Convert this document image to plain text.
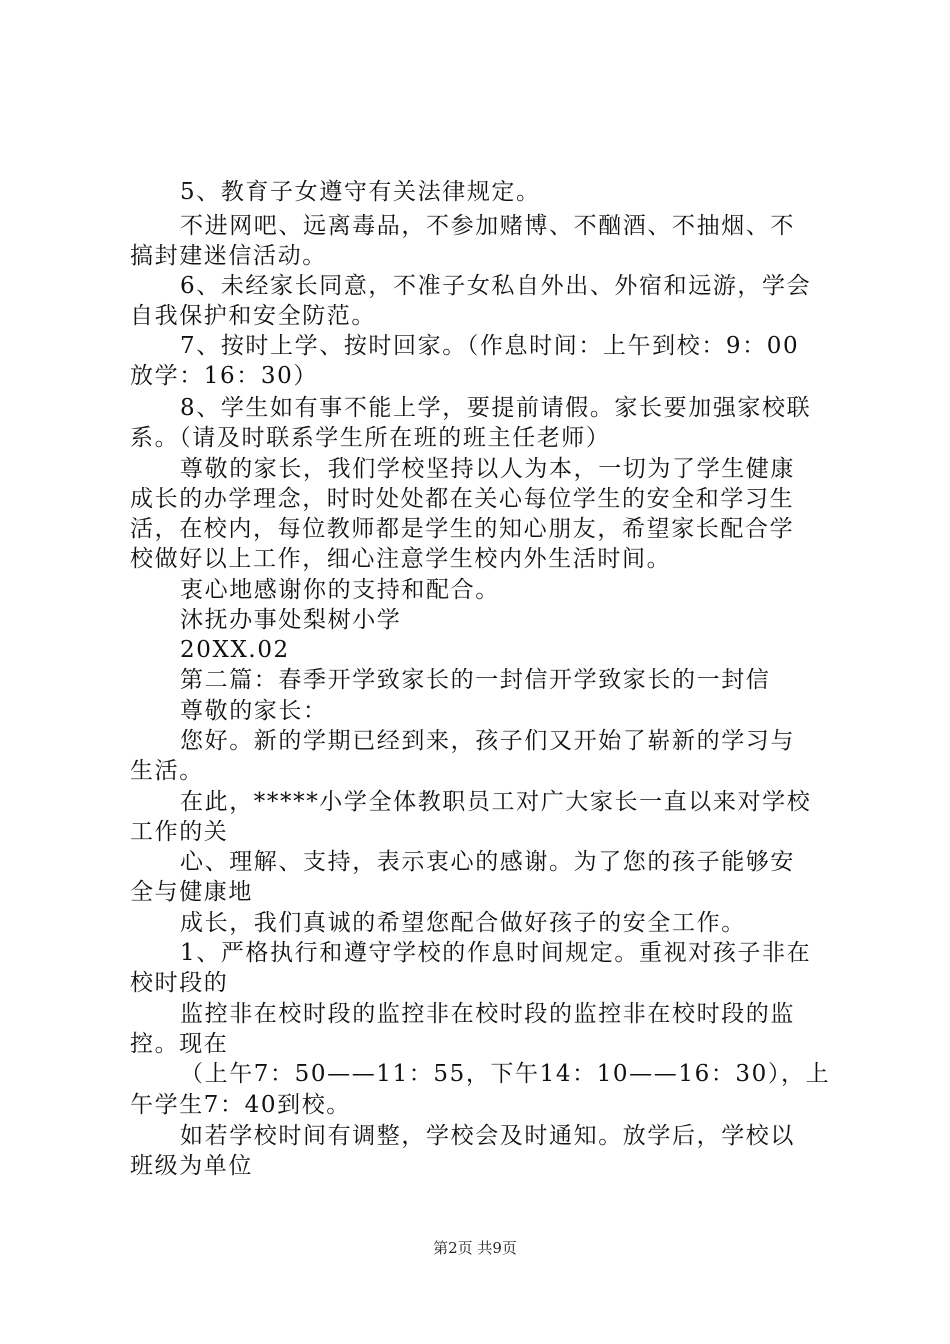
5、教育子女遵守有关法律规定。
不进网吧、远离毒品，不参加赌博、不酗酒、不抽烟、不
搞封建迷信活动。
6、未经家长同意，不准子女私自外出、外宿和远游，学会
自我保护和安全防范。
7、按时上学、按时回家。（作息时间：上午到校：9：00
放学：16：30）
8、学生如有事不能上学，要提前请假。家长要加强家校联
系。（请及时联系学生所在班的班主任老师）
尊敬的家长，我们学校坚持以人为本，一切为了学生健康
成长的办学理念，时时处处都在关心每位学生的安全和学习生
活，在校内，每位教师都是学生的知心朋友，希望家长配合学
校做好以上工作，细心注意学生校内外生活时间。
衷心地感谢你的支持和配合。
沐抚办事处梨树小学
20XX.02
第二篇：春季开学致家长的一封信开学致家长的一封信
尊敬的家长：
您好。新的学期已经到来，孩子们又开始了崭新的学习与
生活。
在此，*****小学全体教职员工对广大家长一直以来对学校
工作的关
心、理解、支持，表示衷心的感谢。为了您的孩子能够安
全与健康地
成长，我们真诚的希望您配合做好孩子的安全工作。
1、严格执行和遵守学校的作息时间规定。重视对孩子非在
校时段的
监控非在校时段的监控非在校时段的监控非在校时段的监
控。现在
（上午7：50——11：55，下午14：10——16：30），上
午学生7：40到校。
如若学校时间有调整，学校会及时通知。放学后，学校以
班级为单位
第2页 共9页
